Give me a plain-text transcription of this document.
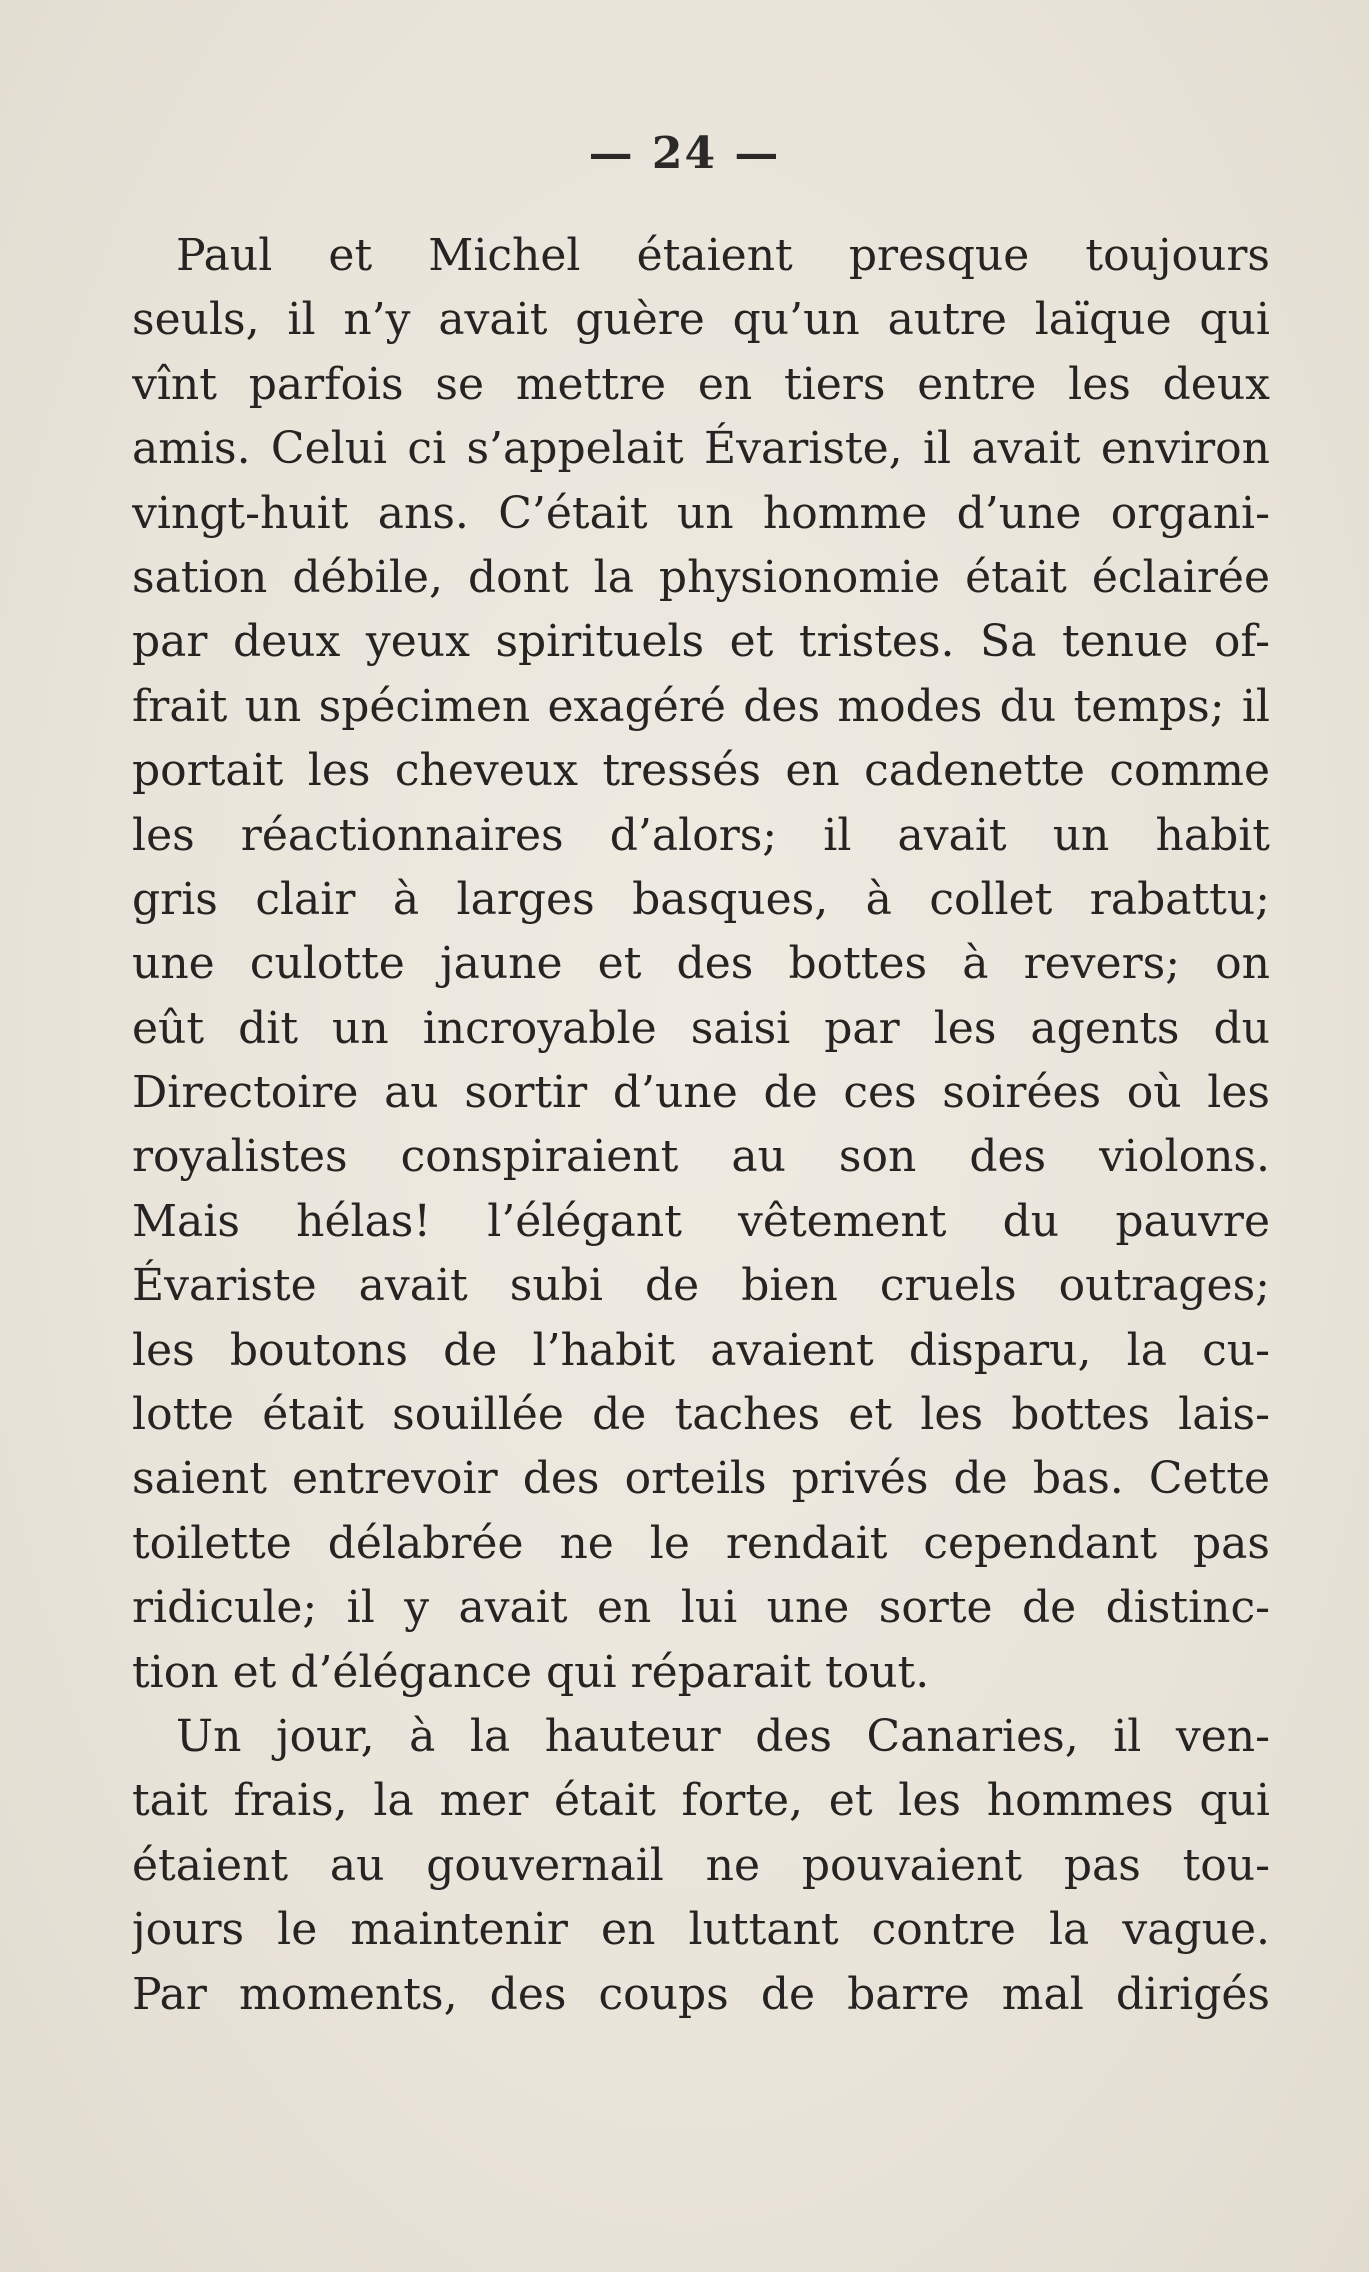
— 24 —
Paul et Michel étaient presque toujours
seuls, il n’y avait guère qu’un autre laïque qui
vînt parfois se mettre en tiers entre les deux
amis. Celui ci s’appelait Évariste, il avait environ
vingt-huit ans. C’était un homme d’une organi-
sation débile, dont la physionomie était éclairée
par deux yeux spirituels et tristes. Sa tenue of-
frait un spécimen exagéré des modes du temps; il
portait les cheveux tressés en cadenette comme
les réactionnaires d’alors; il avait un habit
gris clair à larges basques, à collet rabattu;
une culotte jaune et des bottes à revers; on
eût dit un incroyable saisi par les agents du
Directoire au sortir d’une de ces soirées où les
royalistes conspiraient au son des violons.
Mais hélas! l’élégant vêtement du pauvre
Évariste avait subi de bien cruels outrages;
les boutons de l’habit avaient disparu, la cu-
lotte était souillée de taches et les bottes lais-
saient entrevoir des orteils privés de bas. Cette
toilette délabrée ne le rendait cependant pas
ridicule; il y avait en lui une sorte de distinc-
tion et d’élégance qui réparait tout.
Un jour, à la hauteur des Canaries, il ven-
tait frais, la mer était forte, et les hommes qui
étaient au gouvernail ne pouvaient pas tou-
jours le maintenir en luttant contre la vague.
Par moments, des coups de barre mal dirigés
